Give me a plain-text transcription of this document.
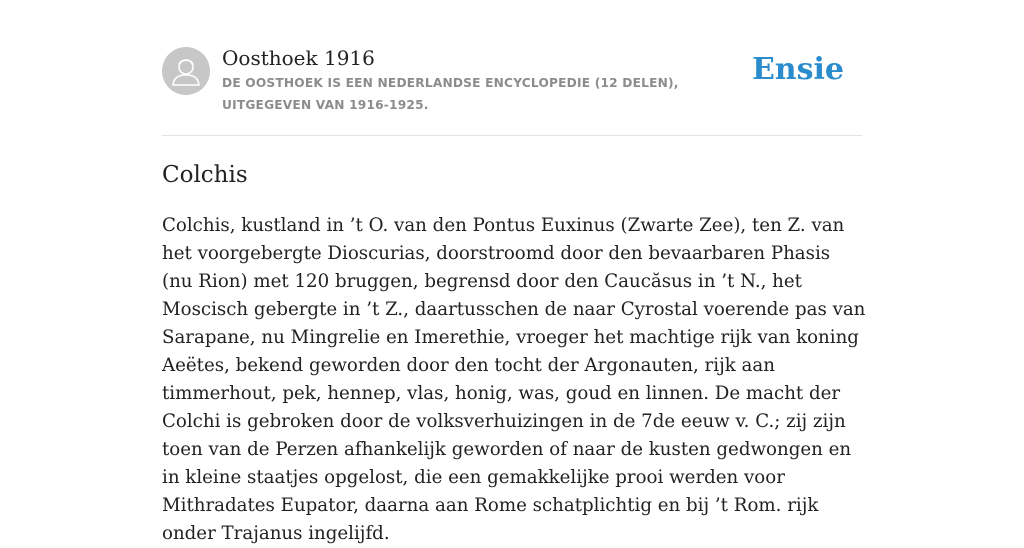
Oosthoek 1916
DE OOSTHOEK IS EEN NEDERLANDSE ENCYCLOPEDIE (12 DELEN), UITGEGEVEN VAN 1916-1925.
Ensie
Colchis

Colchis, kustland in ’t O. van den Pontus Euxinus (Zwarte Zee), ten Z. van het voorgebergte Dioscurias, doorstroomd door den bevaarbaren Phasis (nu Rion) met 120 bruggen, begrensd door den Caucăsus in ’t N., het Moscisch gebergte in ’t Z., daartusschen de naar Cyrostal voerende pas van Sarapane, nu Mingrelie en Imerethie, vroeger het machtige rijk van koning Aeëtes, bekend geworden door den tocht der Argonauten, rijk aan timmerhout, pek, hennep, vlas, honig, was, goud en linnen. De macht der Colchi is gebroken door de volksverhuizingen in de 7de eeuw v. C.; zij zijn toen van de Perzen afhankelijk geworden of naar de kusten gedwongen en in kleine staatjes opgelost, die een gemakkelijke prooi werden voor Mithradates Eupator, daarna aan Rome schatplichtig en bij ’t Rom. rijk onder Trajanus ingelijfd.
